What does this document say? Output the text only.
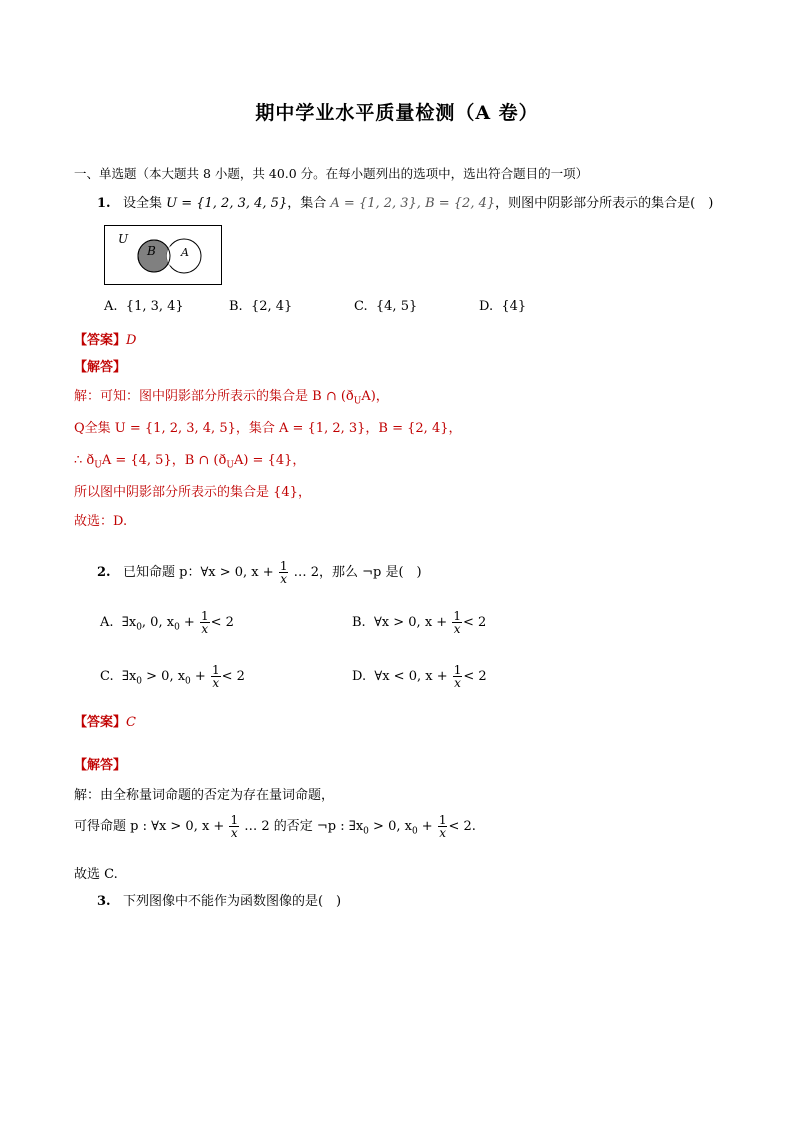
期中学业水平质量检测（A 卷）
一、单选题（本大题共 8 小题，共 40.0 分。在每小题列出的选项中，选出符合题目的一项）
1. 设全集 U = {1, 2, 3, 4, 5}，集合 A = {1, 2, 3}, B = {2, 4}，则图中阴影部分所表示的集合是(　)
U
B A
A. {1, 3, 4}	B. {2, 4}	C. {4, 5}	D. {4}
【答案】D
【解答】
解：可知：图中阴影部分所表示的集合是 B ∩ $(ð_UA)$，
Q全集 U = {1, 2, 3, 4, 5}，集合 A = {1, 2, 3}，B = {2, 4}，
∴ $ð_UA = \{4$, 5}，B ∩ $(ð_UA) = \{4\}$，
所以图中阴影部分所表示的集合是 {4}，
故选：D.
2. 已知命题 p：∀x > 0, $x + \frac{1}{x}$ … 2，那么 ¬p 是(　)
A. $\exists x_0$, 0, $x_0 + \frac{1}{x} < 2$	B. ∀x > 0, $x + \frac{1}{x} < 2$
C. $\exists x_0 > 0$, $x_0 + \frac{1}{x} < 2$	D. ∀x < 0, $x + \frac{1}{x} < 2$
【答案】C
【解答】
解：由全称量词命题的否定为存在量词命题，
可得命题 p : ∀x > 0, $x + \frac{1}{x}$ … 2 的否定 ¬p : $\exists x_0 > 0$, $x_0 + \frac{1}{x} < 2$.
故选 C.
3. 下列图像中不能作为函数图像的是(　)
